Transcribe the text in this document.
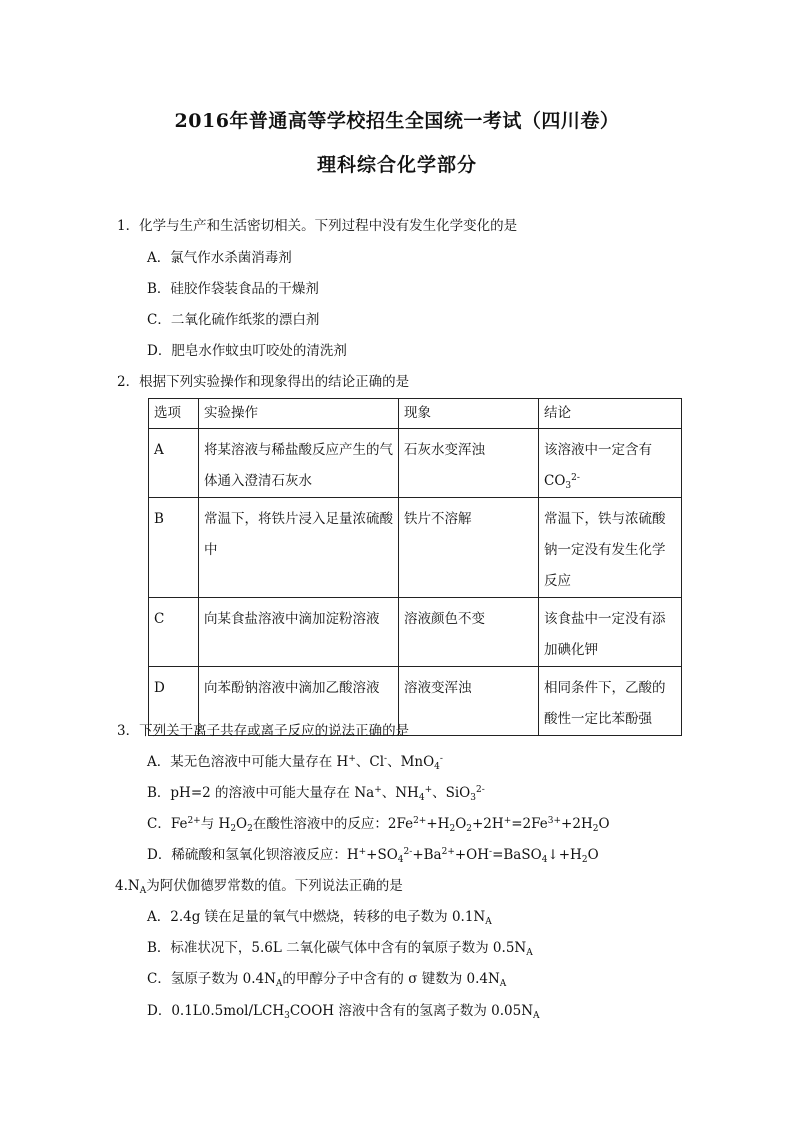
2016年普通高等学校招生全国统一考试（四川卷）
理科综合化学部分
1．化学与生产和生活密切相关。下列过程中没有发生化学变化的是
A．氯气作水杀菌消毒剂
B．硅胶作袋装食品的干燥剂
C．二氧化硫作纸浆的漂白剂
D．肥皂水作蚊虫叮咬处的清洗剂
2．根据下列实验操作和现象得出的结论正确的是
选项	实验操作	现象	结论
A	将某溶液与稀盐酸反应产生的气体通入澄清石灰水	石灰水变浑浊	该溶液中一定含有
$CO_3^{2-}$
B	常温下，将铁片浸入足量浓硫酸中	铁片不溶解	常温下，铁与浓硫酸钠一定没有发生化学反应
C	向某食盐溶液中滴加淀粉溶液	溶液颜色不变	该食盐中一定没有添加碘化钾
D	向苯酚钠溶液中滴加乙酸溶液	溶液变浑浊	相同条件下，乙酸的酸性一定比苯酚强
3．下列关于离子共存或离子反应的说法正确的是
A．某无色溶液中可能大量存在 H+、Cl-、MnO$_4$-
B．pH=2 的溶液中可能大量存在 Na+、$NH_4^+$、SiO$_3^{2-}$
C．$Fe^{2+}$与 $H_2O_2$在酸性溶液中的反应：$2Fe^{2+}+H_2O_2+2H^+=2Fe^{3+}+2H_2O$
D．稀硫酸和氢氧化钡溶液反应：$H^++SO_4^{2-}+Ba^{2+}+OH^-=BaSO_4↓+H_2O$
$4.N_A$为阿伏伽德罗常数的值。下列说法正确的是
A．2.4g 镁在足量的氧气中燃烧，转移的电子数为 $0.1N_A$
B．标准状况下，5.6L 二氧化碳气体中含有的氧原子数为 $0.5N_A$
C．氢原子数为 $0.4N_A$的甲醇分子中含有的 σ 键数为 $0.4N_A$
D．$0.1L0.5mol/LCH_3COOH$ 溶液中含有的氢离子数为 $0.05N_A$
